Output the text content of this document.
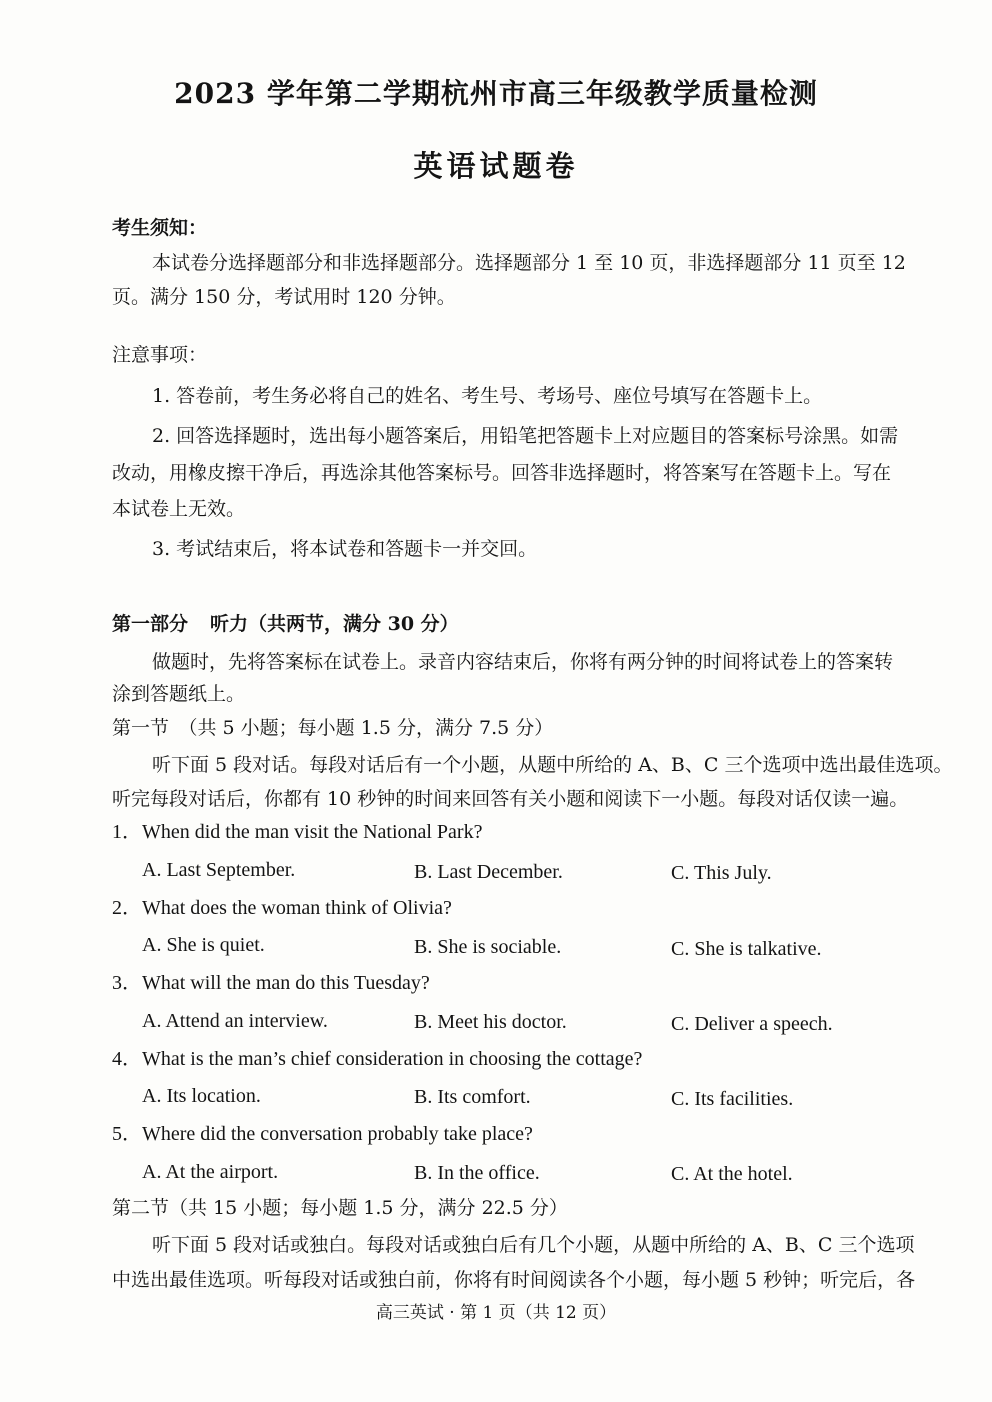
2023 学年第二学期杭州市高三年级教学质量检测
英语试题卷
考生须知：
本试卷分选择题部分和非选择题部分。选择题部分 1 至 10 页，非选择题部分 11 页至 12
页。满分 150 分，考试用时 120 分钟。
注意事项：
1. 答卷前，考生务必将自己的姓名、考生号、考场号、座位号填写在答题卡上。
2. 回答选择题时，选出每小题答案后，用铅笔把答题卡上对应题目的答案标号涂黑。如需
改动，用橡皮擦干净后，再选涂其他答案标号。回答非选择题时，将答案写在答题卡上。写在
本试卷上无效。
3. 考试结束后，将本试卷和答题卡一并交回。
第一部分 听力（共两节，满分 30 分）
做题时，先将答案标在试卷上。录音内容结束后，你将有两分钟的时间将试卷上的答案转
涂到答题纸上。
第一节　（共 5 小题；每小题 1.5 分，满分 7.5 分）
听下面 5 段对话。每段对话后有一个小题，从题中所给的 A、B、C 三个选项中选出最佳选项。
听完每段对话后，你都有 10 秒钟的时间来回答有关小题和阅读下一小题。每段对话仅读一遍。
1．When did the man visit the National Park?
A. Last September.	B. Last December.	C. This July.
2．What does the woman think of Olivia?
A. She is quiet.	B. She is sociable.	C. She is talkative.
3．What will the man do this Tuesday?
A. Attend an interview.	B. Meet his doctor.	C. Deliver a speech.
4．What is the man’s chief consideration in choosing the cottage?
A. Its location.	B. Its comfort.	C. Its facilities.
5．Where did the conversation probably take place?
A. At the airport.	B. In the office.	C. At the hotel.
第二节（共 15 小题；每小题 1.5 分，满分 22.5 分）
听下面 5 段对话或独白。每段对话或独白后有几个小题，从题中所给的 A、B、C 三个选项
中选出最佳选项。听每段对话或独白前，你将有时间阅读各个小题，每小题 5 秒钟；听完后，各
高三英试 · 第 1 页（共 12 页）
